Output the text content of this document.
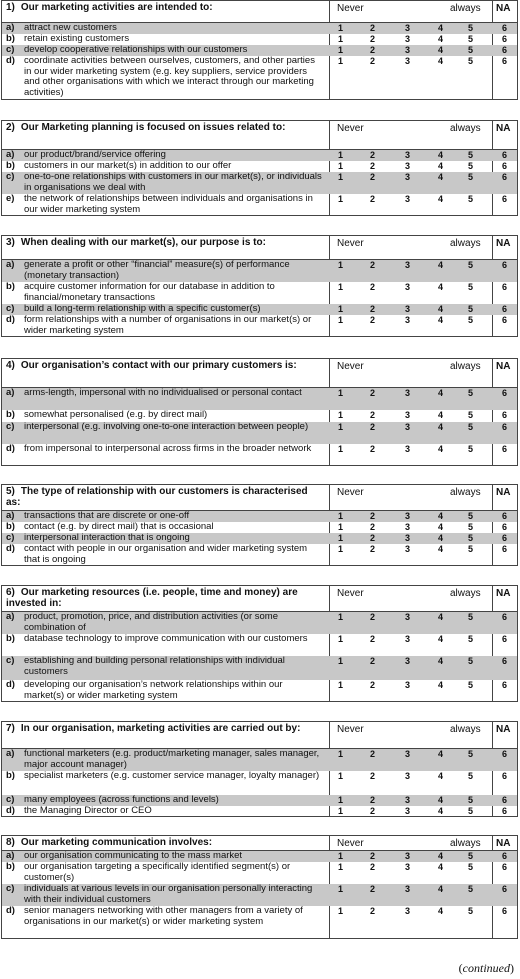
1) Our marketing activities are intended to:	Never	always NA
a) attract new customers	1	2	3	4	5	6
b) retain existing customers	1	2	3	4	5	6
c) develop cooperative relationships with our customers	1	2	3	4	5	6
d) coordinate activities between ourselves, customers, and other parties in our wider marketing system (e.g. key suppliers, service providers and other organisations with which we interact through our marketing activities)
1	2	3	4	5	6
2) Our Marketing planning is focused on issues related to:	Never	always NA
a) our product/brand/service offering	1	2	3	4	5	6
b) customers in our market(s) in addition to our offer	1	2	3	4	5	6
c) one-to-one relationships with customers in our market(s), or individuals in organisations we deal with
1	2	3	4	5	6
e) the network of relationships between individuals and organisations in our wider marketing system
1	2	3	4	5	6
3) When dealing with our market(s), our purpose is to:	Never	always NA
a) generate a profit or other “financial” measure(s) of performance (monetary transaction)
1	2	3	4	5	6
b) acquire customer information for our database in addition to financial/monetary transactions
1	2	3	4	5	6
c) build a long-term relationship with a specific customer(s)	1	2	3	4	5	6
d) form relationships with a number of organisations in our market(s) or wider marketing system
1	2	3	4	5	6
4) Our organisation’s contact with our primary customers is:	Never	always NA
a) arms-length, impersonal with no individualised or personal contact	1	2	3	4	5	6
b) somewhat personalised (e.g. by direct mail)	1	2	3	4	5	6
c) interpersonal (e.g. involving one-to-one interaction between people)	1	2	3	4	5	6
d) from impersonal to interpersonal across firms in the broader network	1	2	3	4	5	6
5) The type of relationship with our customers is characterised as:
Never	always NA
a) transactions that are discrete or one-off	1	2	3	4	5	6
b) contact (e.g. by direct mail) that is occasional	1	2	3	4	5	6
c) interpersonal interaction that is ongoing	1	2	3	4	5	6
d) contact with people in our organisation and wider marketing system that is ongoing
1	2	3	4	5	6
6) Our marketing resources (i.e. people, time and money) are invested in:
Never	always NA
a) product, promotion, price, and distribution activities (or some combination of
1	2	3	4	5	6
b) database technology to improve communication with our customers	1	2	3	4	5	6
c) establishing and building personal relationships with individual customers
1	2	3	4	5	6
d) developing our organisation’s network relationships within our market(s) or wider marketing system
1	2	3	4	5	6
7) In our organisation, marketing activities are carried out by:	Never	always NA
a) functional marketers (e.g. product/marketing manager, sales manager, major account manager)
1	2	3	4	5	6
b) specialist marketers (e.g. customer service manager, loyalty manager)	1	2	3	4	5	6
c) many employees (across functions and levels)	1	2	3	4	5	6
d) the Managing Director or CEO	1	2	3	4	5	6
8) Our marketing communication involves:	Never	always NA
a) our organisation communicating to the mass market	1	2	3	4	5	6
b) our organisation targeting a specifically identified segment(s) or customer(s)
1	2	3	4	5	6
c) individuals at various levels in our organisation personally interacting with their individual customers
1	2	3	4	5	6
d) senior managers networking with other managers from a variety of organisations in our market(s) or wider marketing system
1	2	3	4	5	6
(continued)
